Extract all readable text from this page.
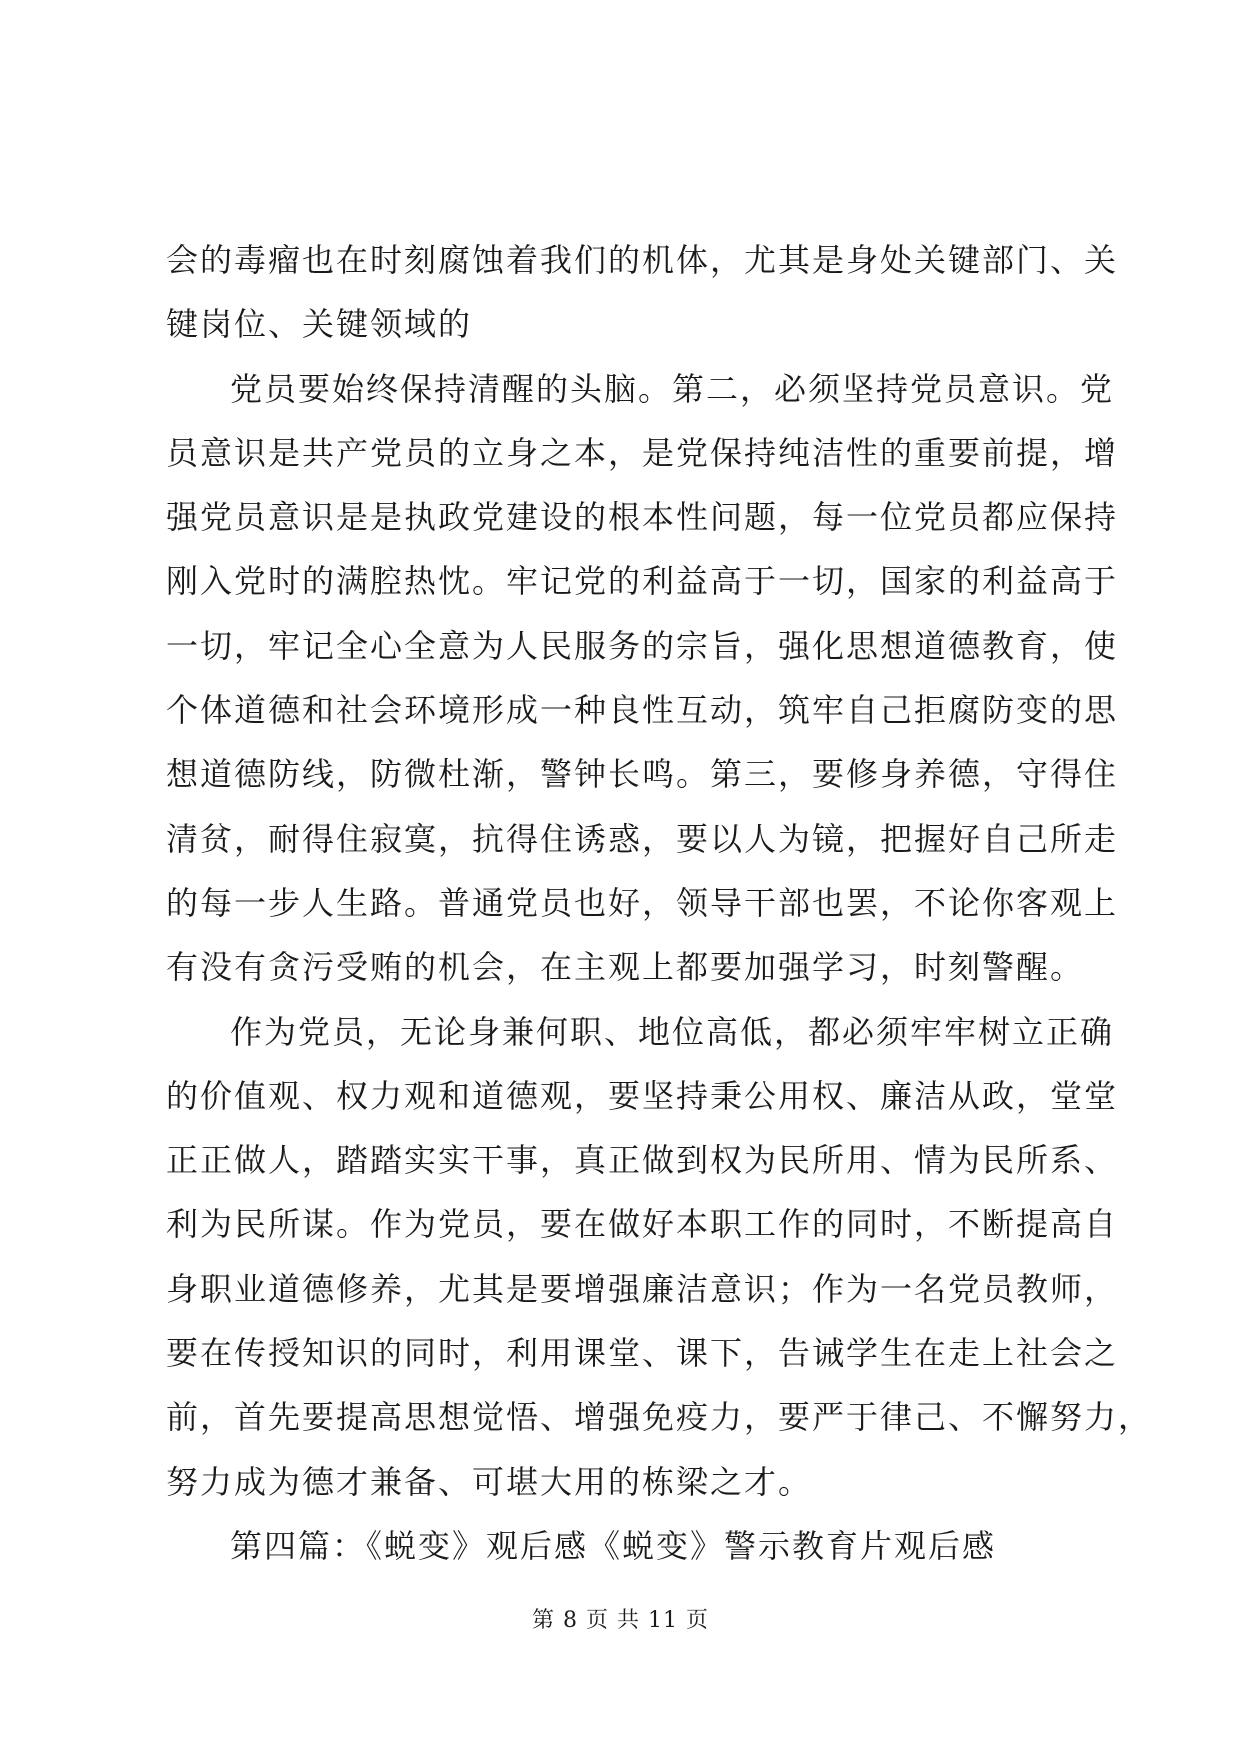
会的毒瘤也在时刻腐蚀着我们的机体，尤其是身处关键部门、关
键岗位、关键领域的
党员要始终保持清醒的头脑。第二，必须坚持党员意识。党
员意识是共产党员的立身之本，是党保持纯洁性的重要前提，增
强党员意识是是执政党建设的根本性问题，每一位党员都应保持
刚入党时的满腔热忱。牢记党的利益高于一切，国家的利益高于
一切，牢记全心全意为人民服务的宗旨，强化思想道德教育，使
个体道德和社会环境形成一种良性互动，筑牢自己拒腐防变的思
想道德防线，防微杜渐，警钟长鸣。第三，要修身养德，守得住
清贫，耐得住寂寞，抗得住诱惑，要以人为镜，把握好自己所走
的每一步人生路。普通党员也好，领导干部也罢，不论你客观上
有没有贪污受贿的机会，在主观上都要加强学习，时刻警醒。
作为党员，无论身兼何职、地位高低，都必须牢牢树立正确
的价值观、权力观和道德观，要坚持秉公用权、廉洁从政，堂堂
正正做人，踏踏实实干事，真正做到权为民所用、情为民所系、
利为民所谋。作为党员，要在做好本职工作的同时，不断提高自
身职业道德修养，尤其是要增强廉洁意识；作为一名党员教师，
要在传授知识的同时，利用课堂、课下，告诫学生在走上社会之
前，首先要提高思想觉悟、增强免疫力，要严于律己、不懈努力，
努力成为德才兼备、可堪大用的栋梁之才。
第四篇：《蜕变》观后感《蜕变》警示教育片观后感
第 8 页 共 11 页
